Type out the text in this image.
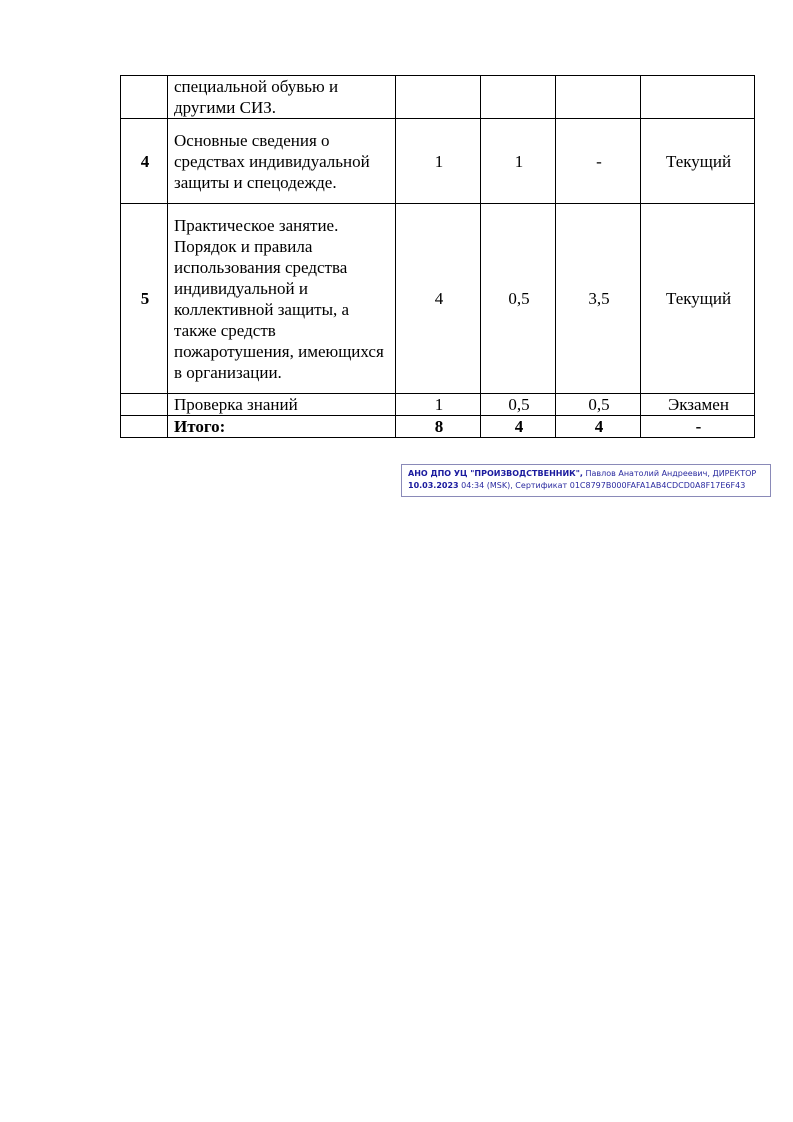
	специальной обувью и другими СИЗ.				
4	Основные сведения о средствах индивидуальной защиты и спецодежде.	1	1	-	Текущий
5	Практическое занятие. Порядок и правила использования средства индивидуальной и коллективной защиты, а также средств пожаротушения, имеющихся в организации.	4	0,5	3,5	Текущий
	Проверка знаний	1	0,5	0,5	Экзамен
	Итого:	8	4	4	-
АНО ДПО УЦ "ПРОИЗВОДСТВЕННИК", Павлов Анатолий Андреевич, ДИРЕКТОР
10.03.2023 04:34 (MSK), Сертификат 01C8797B000FAFA1AB4CDCD0A8F17E6F43
